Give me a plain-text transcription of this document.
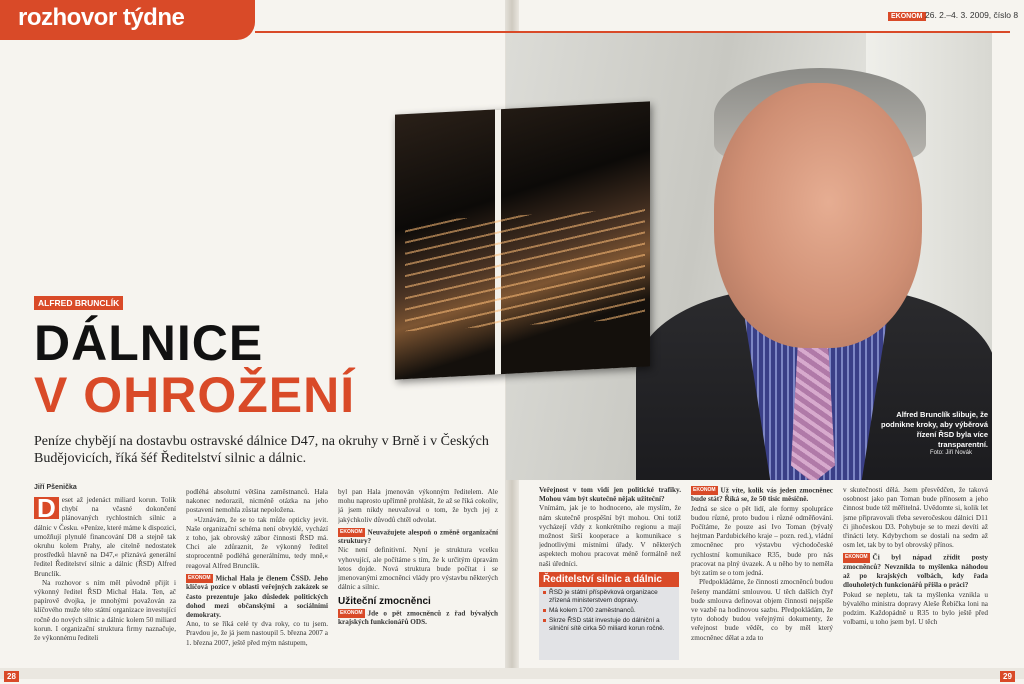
rozhovor týdne	EKONOM 26. 2.–4. 3. 2009, číslo 8
Alfred Brunclík slibuje, že podnikne kroky, aby výběrová řízení ŘSD byla více transparentní.
Foto: Jiří Novák
ALFRED BRUNCLÍK
DÁLNICE
V OHROŽENÍ
Peníze chybějí na dostavbu ostravské dálnice D47, na okruhy v Brně i v Českých Budějovicích, říká šéf Ředitelství silnic a dálnic.
Jiří Pšenička
D eset až jedenáct miliard korun. Tolik chybí na včasné dokončení plánovaných rychlostních silnic a dálnic v Česku. »Peníze, které máme k dispozici, umožňují plynulé financování D8 a stejně tak okruhu kolem Prahy, ale citelně nedostatek prostředků hlavně na D47,« přiznává generální ředitel Ředitelství silnic a dálnic (ŘSD) Alfred Brunclík.

Na rozhovor s ním měl původně přijít i výkonný ředitel ŘSD Michal Hala. Ten, ač papírově dvojka, je mnohými považován za klíčového muže této státní organizace investující ročně do nových silnic a dálnic kolem 50 miliard korun. I organizační struktura firmy naznačuje, že výkonnému řediteli

podléhá absolutní většina zaměstnanců. Hala nakonec nedorazil, nicméně otázka na jeho postavení nemohla zůstat nepoložena.

»Uznávám, že se to tak může opticky jevit. Naše organizační schéma není obvyklé, vychází z toho, jak obrovský zábor činnosti ŘSD má. Chci ale zdůraznit, že výkonný ředitel stoprocentně podléhá generálnímu, tedy mně,« reagoval Alfred Brunclík.

EKONOM Michal Hala je členem ČSSD. Jeho klíčová pozice v oblasti veřejných zakázek se často prezentuje jako důsledek politických dohod mezi občanskými a sociálními demokraty.

Ano, to se říká celé ty dva roky, co tu jsem. Pravdou je, že já jsem nastoupil 5. března 2007 a 1. března 2007, ještě před mým nástupem,

byl pan Hala jmenován výkonným ředitelem. Ale mohu naprosto upřímně prohlásit, že až se říká cokoliv, já jsem nikdy neuvažoval o tom, že bych jej z jakýchkoliv důvodů chtěl odvolat.

EKONOM Neuvažujete alespoň o změně organizační struktury?

Nic není definitivní. Nyní je struktura vcelku vyhovující, ale počítáme s tím, že k určitým úpravám letos dojde. Nová struktura bude počítat i se jmenovanými zmocněnci vlády pro výstavbu některých dálnic a silnic.

Užiteční zmocněnci

EKONOM Jde o pět zmocněnců z řad bývalých krajských funkcionářů ODS.

Veřejnost v tom vidí jen politické trafiky. Mohou vám být skutečně nějak užiteční?

Vnímám, jak je to hodnoceno, ale myslím, že nám skutečně prospěšní být mohou. Oni totiž vycházejí vždy z konkrétního regionu a mají možnost širší kooperace a komunikace s jednotlivými místními úřady. V některých aspektech mohou pracovat méně formálně než naši úředníci.

Ředitelství silnic a dálnic
ŘSD je státní příspěvková organizace zřízená ministerstvem dopravy.
Má kolem 1700 zaměstnanců.
Skrze ŘSD stát investuje do dálniční a silniční sítě cirka 50 miliard korun ročně.

EKONOM Už víte, kolik vás jeden zmocněnec bude stát? Říká se, že 50 tisíc měsíčně.

Jedná se sice o pět lidí, ale formy spolupráce budou různé, proto budou i různé odměňování. Počítáme, že pouze asi Ivo Toman (bývalý hejtman Pardubického kraje – pozn. red.), vládní zmocněnec pro výstavbu východočeské rychlostní komunikace R35, bude pro nás pracovat na plný úvazek. A u něho by to neměla být zatím se o tom jedná.

Předpokládáme, že činnosti zmocněnců budou řešeny mandátní smlouvou. U těch dalších čtyř bude smlouva definovat objem činnosti nejspíše ve vazbě na hodinovou sazbu. Předpokládám, že tyto dohody budou veřejnými dokumenty, že veřejnost bude vědět, co by měl který zmocněnec dělat a zda to

v skutečnosti dělá. Jsem přesvědčen, že taková osobnost jako pan Toman bude přínosem a jeho činnost bude též měřitelná. Uvědomte si, kolik let jsme připravovali třeba severočeskou dálnici D11 či jihočeskou D3. Pohybuje se to mezi devíti až třinácti lety. Kdybychom se dostali na sedm až osm let, tak by to byl obrovský přínos.

EKONOM Či byl nápad zřídit posty zmocněnců? Nevznikla to myšlenka náhodou až po krajských volbách, kdy řada dlouholetých funkcionářů přišla o práci?

Pokud se nepletu, tak ta myšlenka vznikla u bývalého ministra dopravy Aleše Řebíčka loni na podzim. Každopádně u R35 to bylo ještě před volbami, u toho jsem byl. U těch

28	29
